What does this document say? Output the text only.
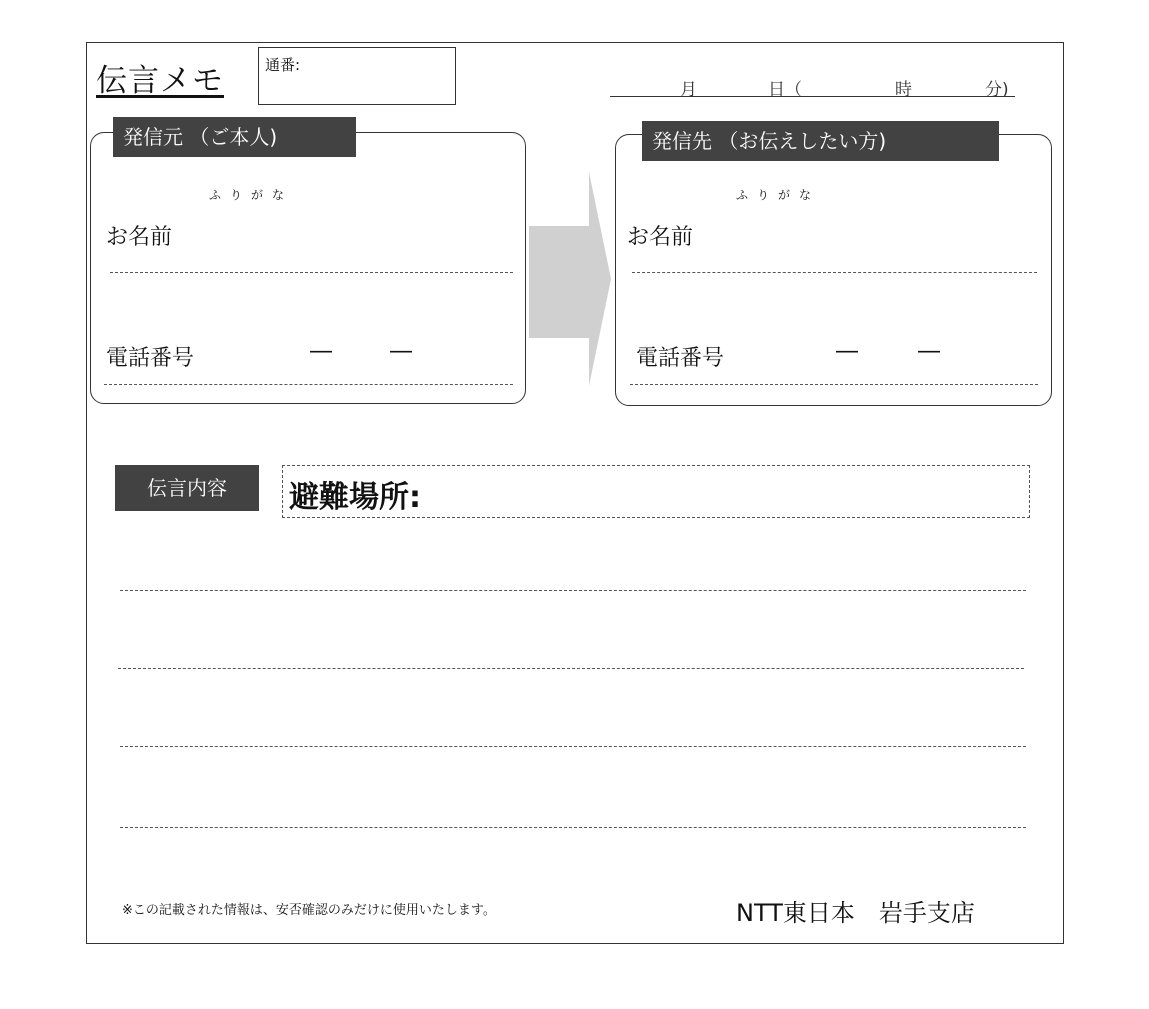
伝言メモ	通番:
月	日（	時	分)
発信元 （ご本人)
ふりがな
お名前
電話番号	―	―
発信先 （お伝えしたい方)
ふりがな
お名前
電話番号	―	―
伝言内容	避難場所:
※この記載された情報は、安否確認のみだけに使用いたします。	NTT東日本　岩手支店
